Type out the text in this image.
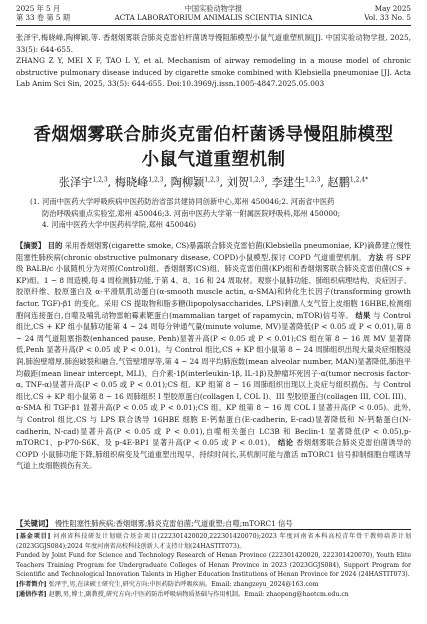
2025 年 5 月
第 33 卷 第 5 期
中国实验动物学报
ACTA LABORATORIUM ANIMALIS SCIENTIA SINICA
May 2025
Vol. 33 No. 5

张泽宇,梅晓峰,陶柳颖,等. 香烟烟雾联合肺炎克雷伯杆菌诱导慢阻肺模型小鼠气道重塑机制[J]. 中国实验动物学报, 2025, 33(5): 644-655.

ZHANG Z Y, MEI X F, TAO L Y, et al. Mechanism of airway remodeling in a mouse model of chronic obstructive pulmonary disease induced by cigarette smoke combined with Klebsiella pneumoniae [J]. Acta Lab Anim Sci Sin, 2025, 33(5): 644-655. Doi:10.3969/j.issn.1005-4847.2025.05.003

香烟烟雾联合肺炎克雷伯杆菌诱导慢阻肺模型
小鼠气道重塑机制
张泽宇$^{1,2,3}$, 梅晓峰$^{1,2,3}$, 陶柳颖$^{1,2,3}$, 刘贺$^{1,2,3}$, 李建生$^{1,2,3}$, 赵鹏$^{1,2,4*}$

(1. 河南中医药大学呼吸疾病中医药防治省部共建协同创新中心,郑州 450046;2. 河南省中医药

防治呼吸病重点实验室,郑州 450046;3. 河南中医药大学第一附属医院呼吸科,郑州 450000;

4. 河南中医药大学中医药科学院,郑州 450046)

【摘要】 目的 采用香烟烟雾(cigarette smoke, CS)暴露联合肺炎克雷伯菌(Klebsiella pneumoniae, KP)滴鼻建立慢性阻塞性肺疾病(chronic obstructive pulmonary disease, COPD)小鼠模型,探讨 COPD 气道重塑机制。 方法 将 SPF 级 BALB/c 小鼠随机分为对照(Control)组、香烟烟雾(CS)组、肺炎克雷伯菌(KP)组和香烟烟雾联合肺炎克雷伯菌(CS + KP)组。1 ~ 8 周造模,每 4 周检测肺功能,于第 4、8、16 和 24 周取材。观察小鼠肺功能、肺组织病理结构、炎症因子、胶原纤维、胶原蛋白及 α-平滑肌肌动蛋白(α-smooth muscle actin, α-SMA)和转化生长因子(transforming growth factor, TGF)-β1 的变化。采用 CS 提取物和脂多糖(lipopolysaccharides, LPS)刺激人支气管上皮细胞 16HBE,检测细胞间连接蛋白,自噬及哺乳动物雷帕霉素靶蛋白(mammalian target of rapamycin, mTOR)信号等。 结果 与 Control 组比,CS + KP 组小鼠肺功能第 4 ~ 24 周每分钟通气量(minute volume, MV)显著降低(P < 0.05 或 P < 0.01),第 8 ~ 24 周气道阻塞指数(enhanced pause, Penh)显著升高(P < 0.05 或 P < 0.01);CS 组在第 8 ~ 16 周 MV 显著降低,Penh 显著升高(P < 0.05 或 P < 0.01)。与 Control 组比,CS + KP 组小鼠第 8 ~ 24 周肺组织出现大量炎症细胞浸润,肺泡壁增厚,肺泡破裂和融合,气管壁增厚等,第 4 ~ 24 周平均肺泡数(mean alveolar number, MAN)显著降低,肺泡平均截距(mean linear intercept, MLI)、白介素-1β(interleukin-1β, IL-1β)及肿瘤坏死因子-α(tumor necrosis factor-α, TNF-α)显著升高(P < 0.05 或 P < 0.01);CS 组、KP 组第 8 ~ 16 周肺组织出现以上炎症与组织损伤。与 Control 组比,CS + KP 组小鼠第 8 ~ 16 周肺组织 I 型胶原蛋白(collagen I, COL I)、III 型胶原蛋白(collagen III, COL III)、α-SMA 和 TGF-β1 显著升高(P < 0.05 或 P < 0.01);CS 组、KP 组第 8 ~ 16 周 COL I 显著升高(P < 0.05)。此外,与 Control 组比,CS 与 LPS 联合诱导 16HBE 细胞 E-钙黏蛋白(E-cadherin, E-cad)显著降低和 N-钙黏蛋白(N-cadherin, N-cad)显著升高(P < 0.05 或 P < 0.01),自噬相关蛋白 LC3B 和 Beclin-1 显著降低(P < 0.05),p-mTORC1、p-P70-S6K、及 p-4E-BP1 显著升高(P < 0.05 或 P < 0.01)。 结论 香烟烟雾联合肺炎克雷伯菌诱导的 COPD 小鼠肺功能下降,肺组织病变及气道重塑出现早、持续时间长,其机制可能与激活 mTORC1 信号抑制细胞自噬诱导气道上皮细胞损伤有关。

【关键词】 慢性阻塞性肺疾病;香烟烟雾;肺炎克雷伯菌;气道重塑;自噬;mTORC1 信号

[基金项目] 河南省科技研发计划联合基金项目(222301420020,222301420070);2023 年度河南省本科高校青年骨干教师培养计划(2023GGJS084);2024 年度河南省高校科技创新人才支持计划(24HASTIT073)。

Funded by Joint Fund for Science and Technology Research of Henan Province (222301420020, 222301420070), Youth Elite Teachers Training Program for Undergraduate Colleges of Henan Province in 2023 (2023GGJS084), Support Program for Scientific and Technological Innovation Talents in Higher Education Institutions of Henan Province for 2024 (24HASTIT073).

[作者简介] 张泽宇,男,在读硕士研究生,研究方向:中医药防治呼吸疾病。Email: zhangzeyu_2024@163.com

[通信作者] 赵鹏,男,博士,副教授,研究方向:中医药防治呼吸病物质基础与作用机制。Email: zhaopeng@haetcm.edu.cn
